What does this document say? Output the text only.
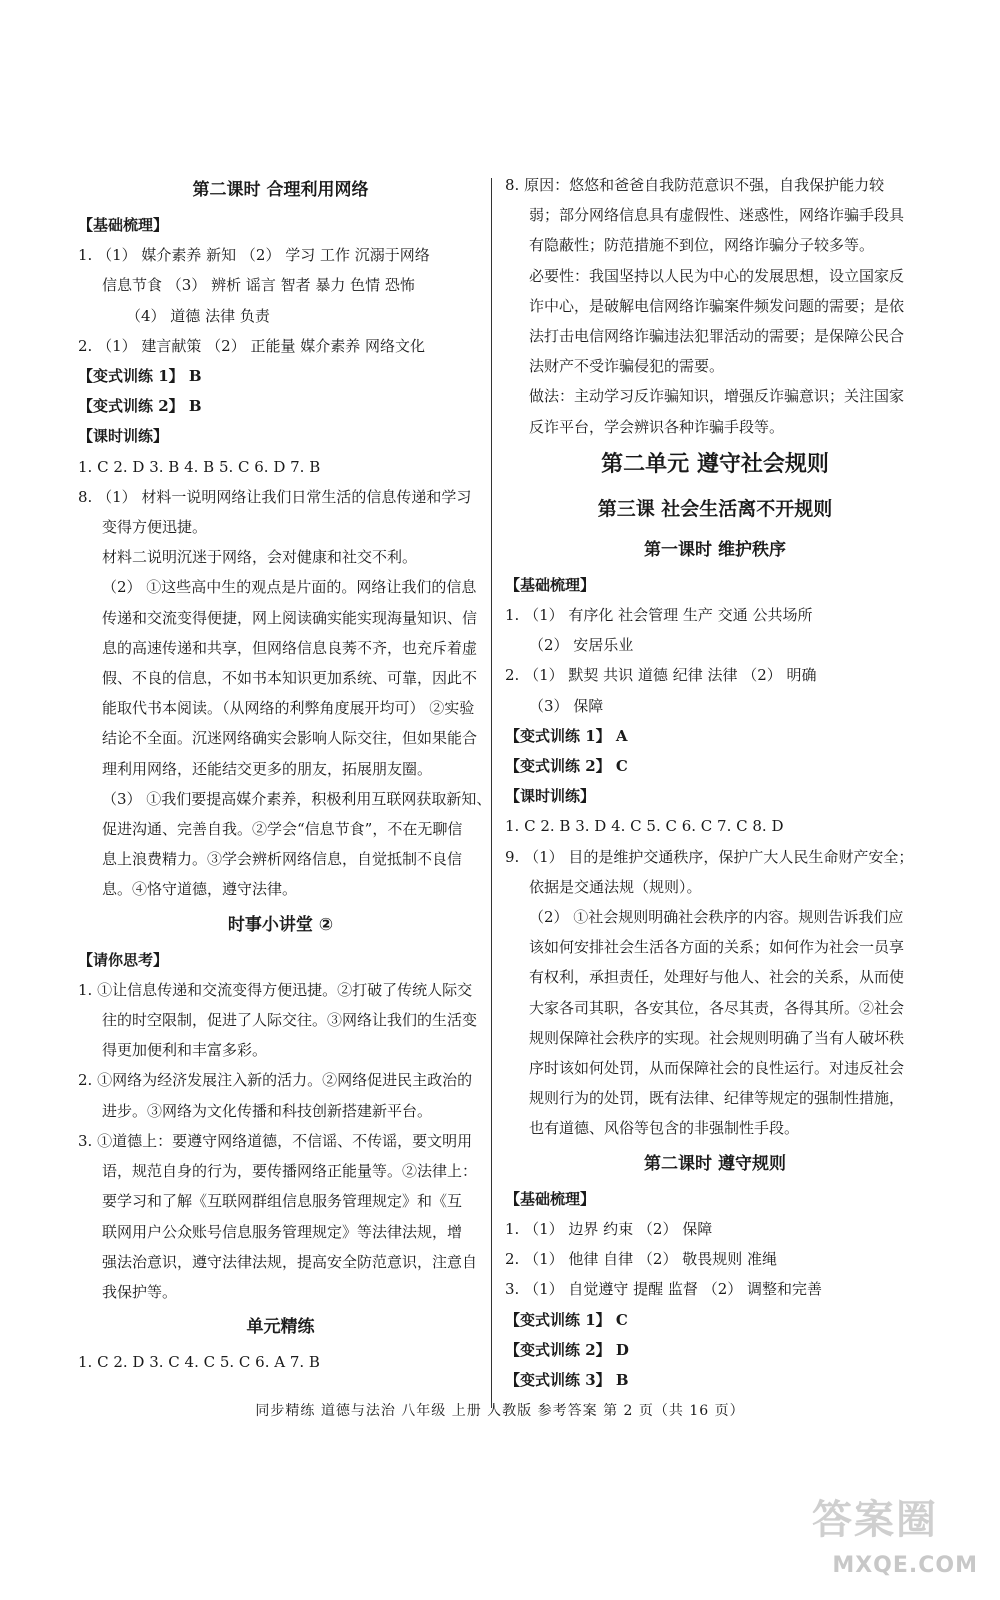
第二课时 合理利用网络
【基础梳理】
1. （1） 媒介素养 新知 （2） 学习 工作 沉溺于网络
信息节食 （3） 辨析 谣言 智者 暴力 色情 恐怖
（4） 道德 法律 负责
2. （1） 建言献策 （2） 正能量 媒介素养 网络文化
【变式训练 1】 B
【变式训练 2】 B
【课时训练】
1. C 2. D 3. B 4. B 5. C 6. D 7. B
8. （1） 材料一说明网络让我们日常生活的信息传递和学习
变得方便迅捷。
材料二说明沉迷于网络，会对健康和社交不利。
（2） ①这些高中生的观点是片面的。网络让我们的信息
传递和交流变得便捷，网上阅读确实能实现海量知识、信
息的高速传递和共享，但网络信息良莠不齐，也充斥着虚
假、不良的信息，不如书本知识更加系统、可靠，因此不
能取代书本阅读。（从网络的利弊角度展开均可） ②实验
结论不全面。沉迷网络确实会影响人际交往，但如果能合
理利用网络，还能结交更多的朋友，拓展朋友圈。
（3） ①我们要提高媒介素养，积极利用互联网获取新知、
促进沟通、完善自我。②学会“信息节食”，不在无聊信
息上浪费精力。③学会辨析网络信息，自觉抵制不良信
息。④恪守道德，遵守法律。
时事小讲堂 ②
【请你思考】
1. ①让信息传递和交流变得方便迅捷。②打破了传统人际交
往的时空限制，促进了人际交往。③网络让我们的生活变
得更加便利和丰富多彩。
2. ①网络为经济发展注入新的活力。②网络促进民主政治的
进步。③网络为文化传播和科技创新搭建新平台。
3. ①道德上：要遵守网络道德，不信谣、不传谣，要文明用
语，规范自身的行为，要传播网络正能量等。②法律上：
要学习和了解《互联网群组信息服务管理规定》和《互
联网用户公众账号信息服务管理规定》等法律法规，增
强法治意识，遵守法律法规，提高安全防范意识，注意自
我保护等。
单元精练
1. C 2. D 3. C 4. C 5. C 6. A 7. B
8. 原因：悠悠和爸爸自我防范意识不强，自我保护能力较
弱；部分网络信息具有虚假性、迷惑性，网络诈骗手段具
有隐蔽性；防范措施不到位，网络诈骗分子较多等。
必要性：我国坚持以人民为中心的发展思想，设立国家反
诈中心，是破解电信网络诈骗案件频发问题的需要；是依
法打击电信网络诈骗违法犯罪活动的需要；是保障公民合
法财产不受诈骗侵犯的需要。
做法：主动学习反诈骗知识，增强反诈骗意识；关注国家
反诈平台，学会辨识各种诈骗手段等。
第二单元 遵守社会规则
第三课 社会生活离不开规则
第一课时 维护秩序
【基础梳理】
1. （1） 有序化 社会管理 生产 交通 公共场所
（2） 安居乐业
2. （1） 默契 共识 道德 纪律 法律 （2） 明确
（3） 保障
【变式训练 1】 A
【变式训练 2】 C
【课时训练】
1. C 2. B 3. D 4. C 5. C 6. C 7. C 8. D
9. （1） 目的是维护交通秩序，保护广大人民生命财产安全；
依据是交通法规（规则）。
（2） ①社会规则明确社会秩序的内容。规则告诉我们应
该如何安排社会生活各方面的关系；如何作为社会一员享
有权利，承担责任，处理好与他人、社会的关系，从而使
大家各司其职，各安其位，各尽其责，各得其所。②社会
规则保障社会秩序的实现。社会规则明确了当有人破坏秩
序时该如何处罚，从而保障社会的良性运行。对违反社会
规则行为的处罚，既有法律、纪律等规定的强制性措施，
也有道德、风俗等包含的非强制性手段。
第二课时 遵守规则
【基础梳理】
1. （1） 边界 约束 （2） 保障
2. （1） 他律 自律 （2） 敬畏规则 准绳
3. （1） 自觉遵守 提醒 监督 （2） 调整和完善
【变式训练 1】 C
【变式训练 2】 D
【变式训练 3】 B
同步精练 道德与法治 八年级 上册 人教版 参考答案 第 2 页（共 16 页）
答案圈
MXQE.COM
